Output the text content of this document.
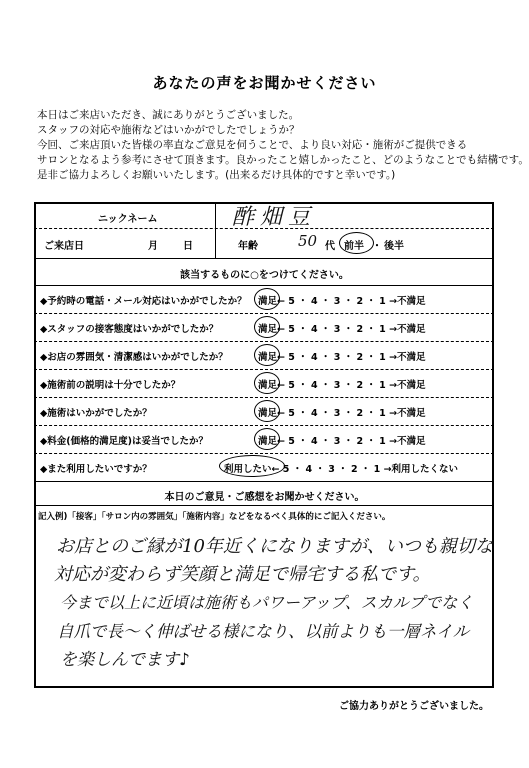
あなたの声をお聞かせください
本日はご来店いただき、誠にありがとうございました。
スタッフの対応や施術などはいかがでしたでしょうか？
今回、ご来店頂いた皆様の率直なご意見を伺うことで、より良い対応・施術がご提供できる
サロンとなるよう参考にさせて頂きます。良かったこと嬉しかったこと、どのようなことでも結構です。
是非ご協力よろしくお願いいたします。(出来るだけ具体的ですと幸いです。)
ニックネーム	酢畑豆
ご来店日	月	日	年齢	50 代 前半 ・ 後半
該当するものに○をつけてください。
◆予約時の電話・メール対応はいかがでしたか？ 満足← 5 ・ 4 ・ 3 ・ 2 ・ 1 →不満足
◆スタッフの接客態度はいかがでしたか？	満足← 5 ・ 4 ・ 3 ・ 2 ・ 1 →不満足
◆お店の雰囲気・清潔感はいかがでしたか？	満足← 5 ・ 4 ・ 3 ・ 2 ・ 1 →不満足
◆施術前の説明は十分でしたか？	満足← 5 ・ 4 ・ 3 ・ 2 ・ 1 →不満足
◆施術はいかがでしたか？	満足← 5 ・ 4 ・ 3 ・ 2 ・ 1 →不満足
◆料金(価格的満足度)は妥当でしたか？	満足← 5 ・ 4 ・ 3 ・ 2 ・ 1 →不満足
◆また利用したいですか？	利用したい← 5 ・ 4 ・ 3 ・ 2 ・ 1 →利用したくない
本日のご意見・ご感想をお聞かせください。
記入例)「接客」「サロン内の雰囲気」「施術内容」などをなるべく具体的にご記入ください。
お店とのご縁が10年近くになりますが、いつも親切な
対応が変わらず笑顔と満足で帰宅する私です。
今まで以上に近頃は施術もパワーアップ、スカルプでなく
自爪で長〜く伸ばせる様になり、以前よりも一層ネイル
を楽しんでます♪
ご協力ありがとうございました。
